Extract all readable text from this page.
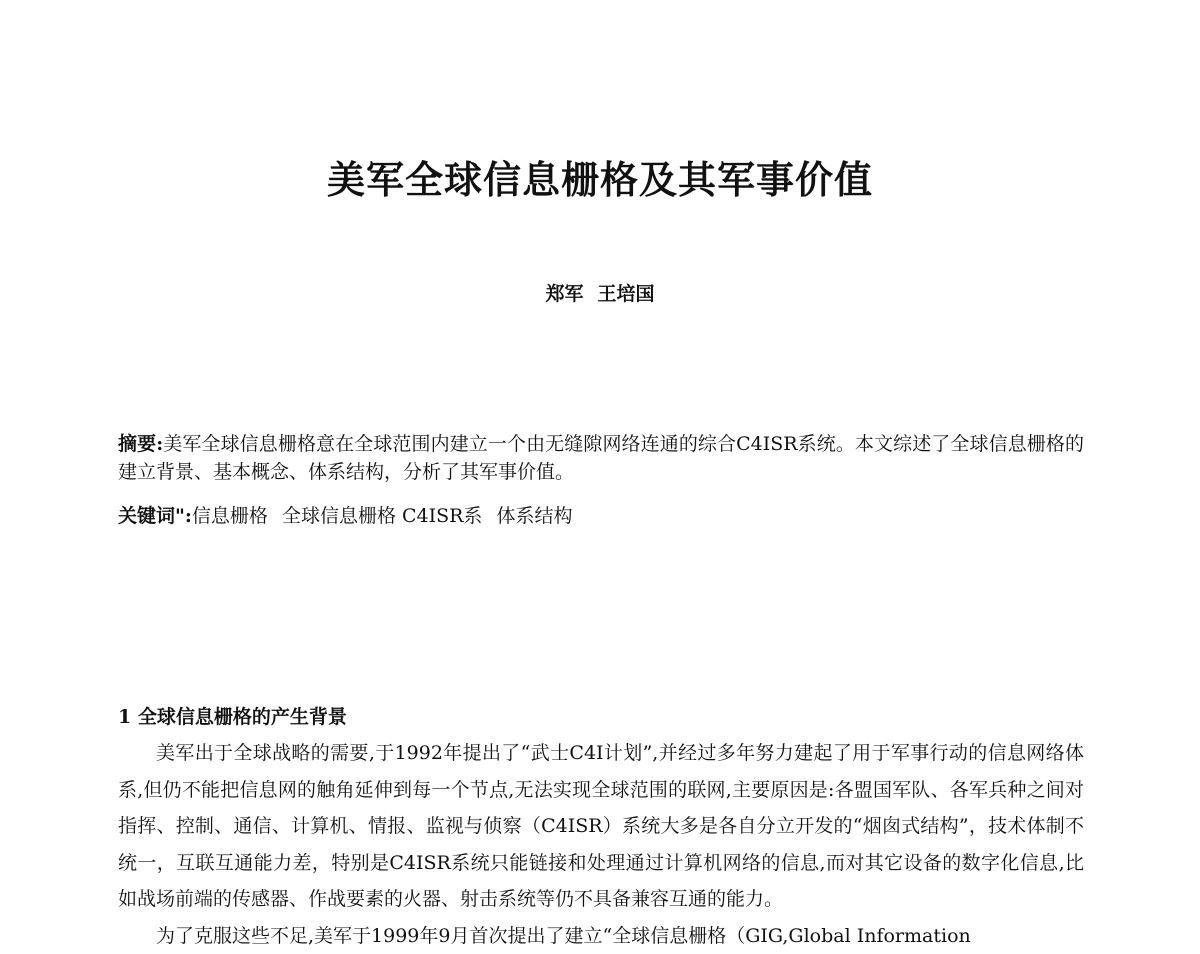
美军全球信息栅格及其军事价值
郑军 王培国

摘要:美军全球信息栅格意在全球范围内建立一个由无缝隙网络连通的综合C4ISR系统。本文综述了全球信息栅格的建立背景、基本概念、体系结构，分析了其军事价值。

关键词":信息栅格 全球信息栅格 C4ISR系 体系结构

1 全球信息栅格的产生背景

美军出于全球战略的需要,于1992年提出了“武士C4I计划”,并经过多年努力建起了用于军事行动的信息网络体系,但仍不能把信息网的触角延伸到每一个节点,无法实现全球范围的联网,主要原因是:各盟国军队、各军兵种之间对指挥、控制、通信、计算机、情报、监视与侦察（C4ISR）系统大多是各自分立开发的“烟囱式结构”，技术体制不统一，互联互通能力差，特别是C4ISR系统只能链接和处理通过计算机网络的信息,而对其它设备的数字化信息,比如战场前端的传感器、作战要素的火器、射击系统等仍不具备兼容互通的能力。

为了克服这些不足,美军于1999年9月首次提出了建立“全球信息栅格（GIG,Global Information
